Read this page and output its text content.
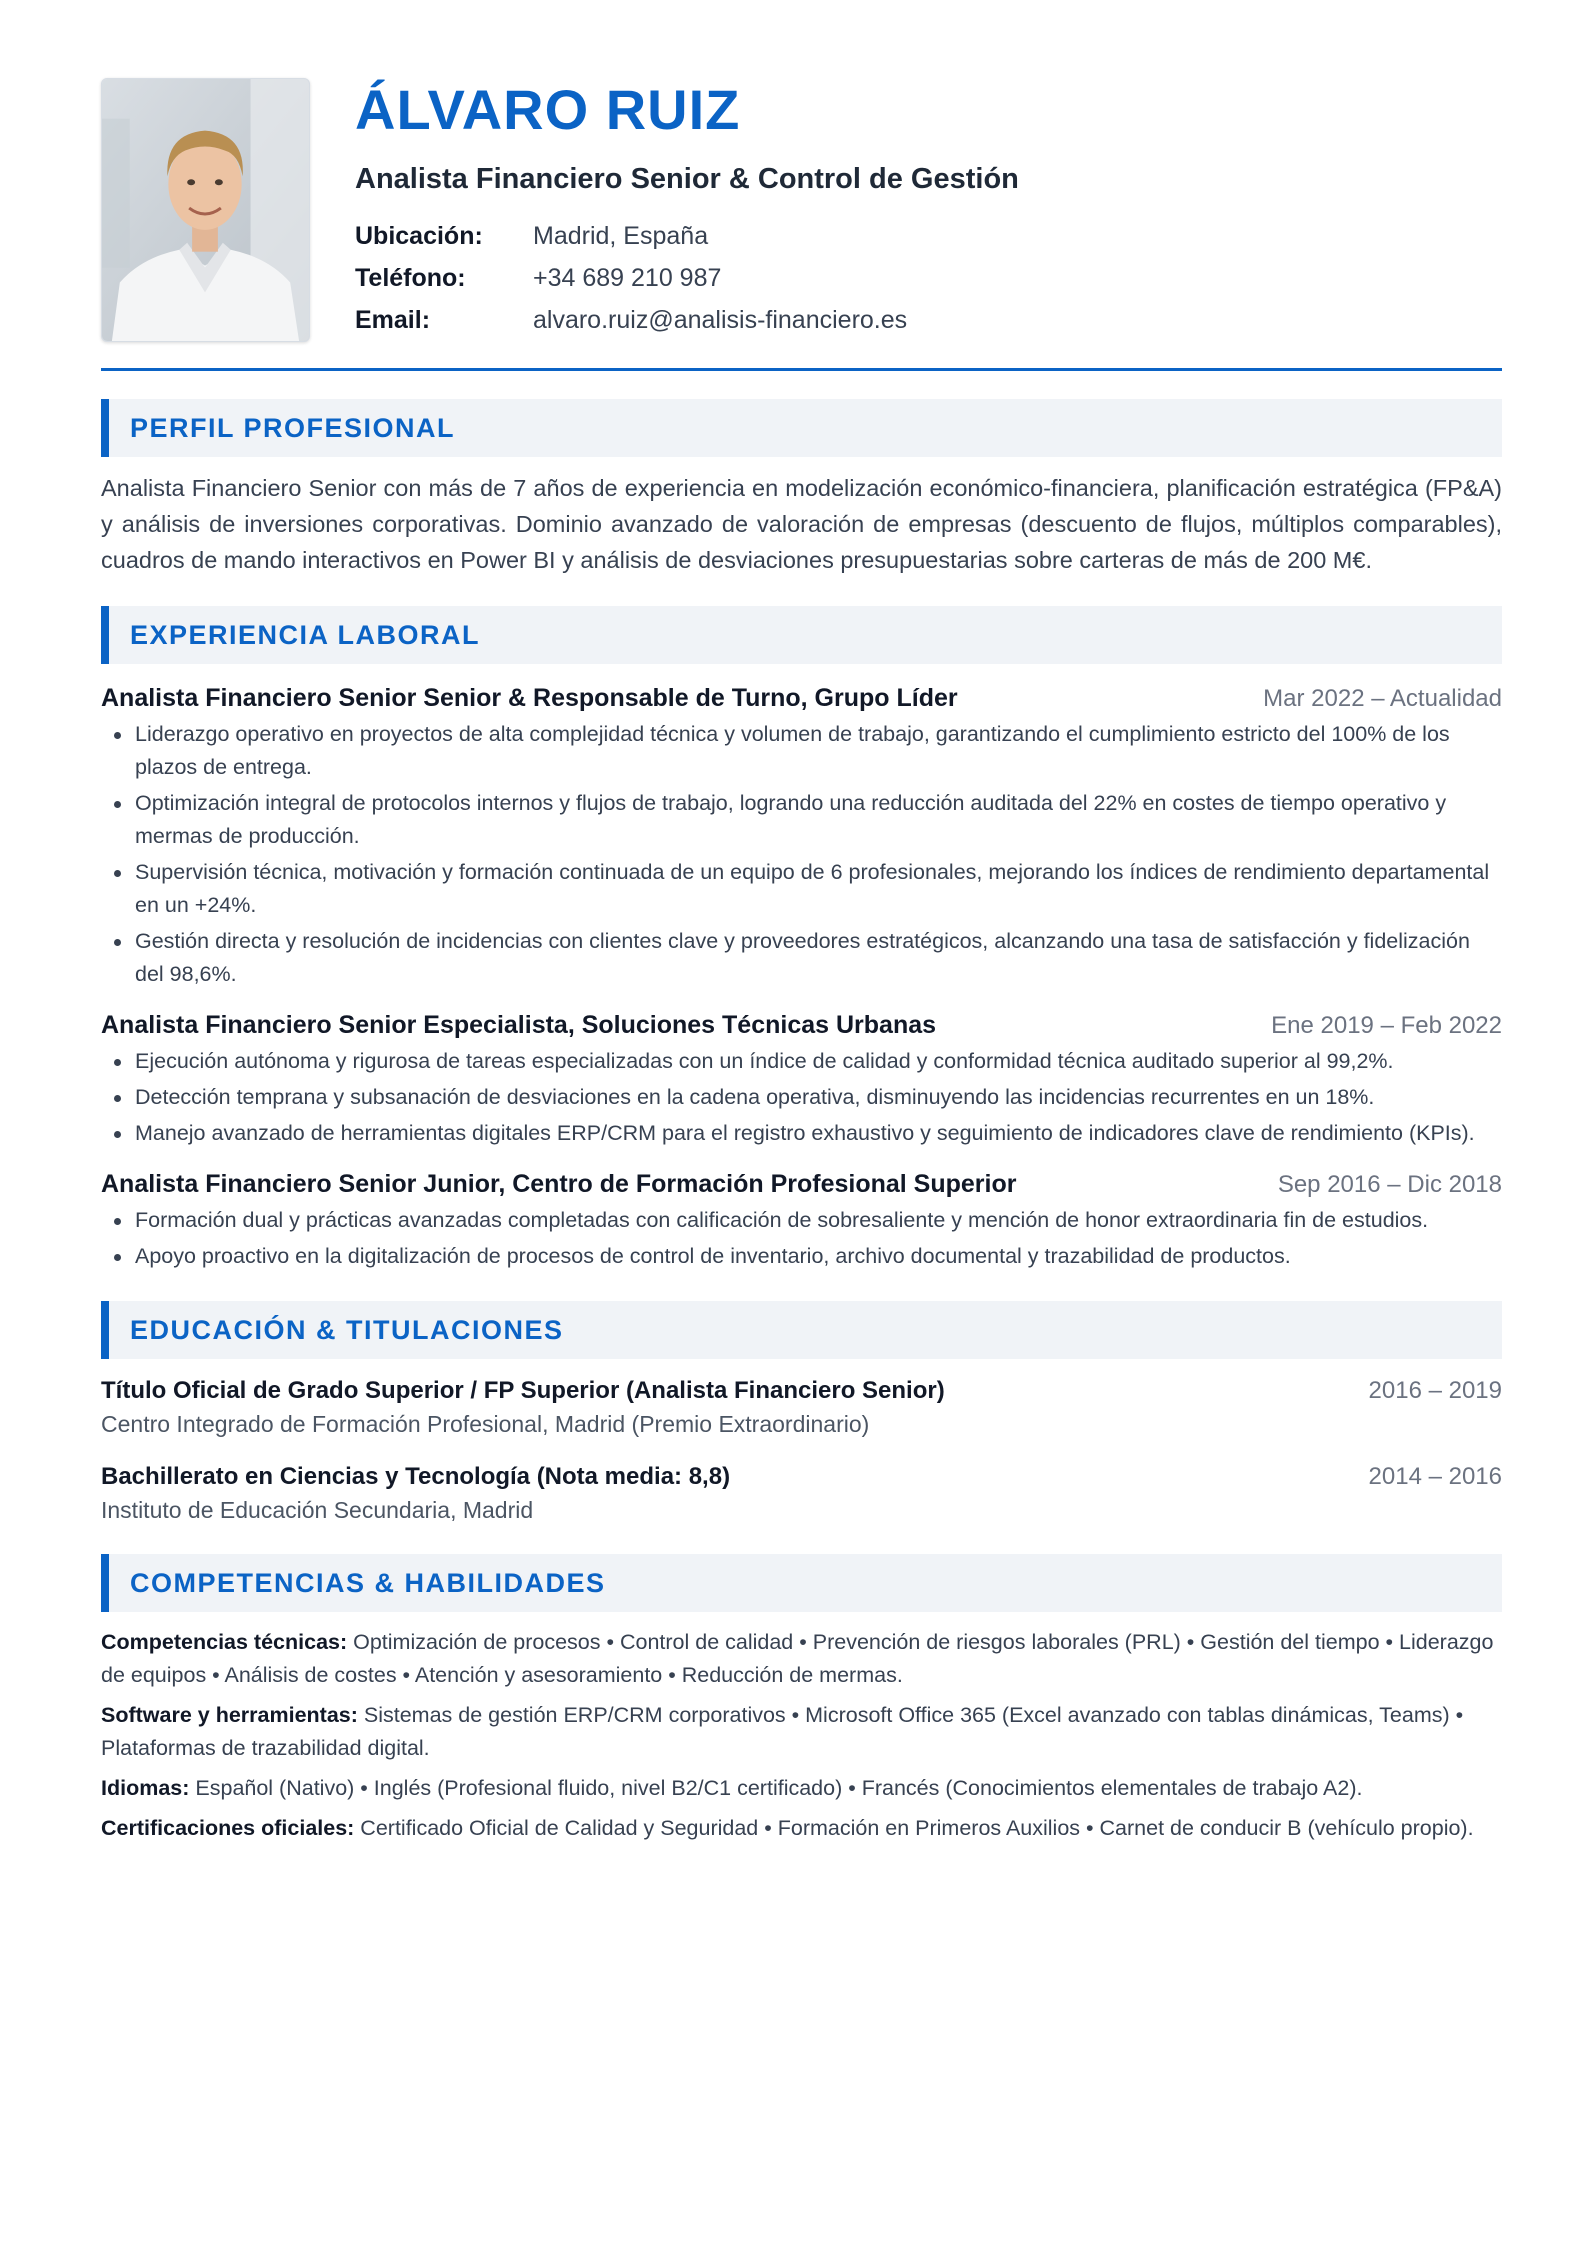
ÁLVARO RUIZ
Analista Financiero Senior & Control de Gestión
Ubicación:	Madrid, España
Teléfono:	+34 689 210 987
Email:	alvaro.ruiz@analisis-financiero.es
PERFIL PROFESIONAL

Analista Financiero Senior con más de 7 años de experiencia en modelización económico-financiera, planificación estratégica (FP&A) y análisis de inversiones corporativas. Dominio avanzado de valoración de empresas (descuento de flujos, múltiplos comparables), cuadros de mando interactivos en Power BI y análisis de desviaciones presupuestarias sobre carteras de más de 200 M€.

EXPERIENCIA LABORAL
Analista Financiero Senior Senior & Responsable de Turno, Grupo Líder	Mar 2022 – Actualidad
Liderazgo operativo en proyectos de alta complejidad técnica y volumen de trabajo, garantizando el cumplimiento estricto del 100% de los plazos de entrega.
Optimización integral de protocolos internos y flujos de trabajo, logrando una reducción auditada del 22% en costes de tiempo operativo y mermas de producción.
Supervisión técnica, motivación y formación continuada de un equipo de 6 profesionales, mejorando los índices de rendimiento departamental en un +24%.
Gestión directa y resolución de incidencias con clientes clave y proveedores estratégicos, alcanzando una tasa de satisfacción y fidelización del 98,6%.
Analista Financiero Senior Especialista, Soluciones Técnicas Urbanas	Ene 2019 – Feb 2022
Ejecución autónoma y rigurosa de tareas especializadas con un índice de calidad y conformidad técnica auditado superior al 99,2%.
Detección temprana y subsanación de desviaciones en la cadena operativa, disminuyendo las incidencias recurrentes en un 18%.
Manejo avanzado de herramientas digitales ERP/CRM para el registro exhaustivo y seguimiento de indicadores clave de rendimiento (KPIs).
Analista Financiero Senior Junior, Centro de Formación Profesional Superior	Sep 2016 – Dic 2018
Formación dual y prácticas avanzadas completadas con calificación de sobresaliente y mención de honor extraordinaria fin de estudios.
Apoyo proactivo en la digitalización de procesos de control de inventario, archivo documental y trazabilidad de productos.
EDUCACIÓN & TITULACIONES
Título Oficial de Grado Superior / FP Superior (Analista Financiero Senior)	2016 – 2019
Centro Integrado de Formación Profesional, Madrid (Premio Extraordinario)
Bachillerato en Ciencias y Tecnología (Nota media: 8,8)	2014 – 2016
Instituto de Educación Secundaria, Madrid
COMPETENCIAS & HABILIDADES
Competencias técnicas: Optimización de procesos • Control de calidad • Prevención de riesgos laborales (PRL) • Gestión del tiempo • Liderazgo de equipos • Análisis de costes • Atención y asesoramiento • Reducción de mermas.
Software y herramientas: Sistemas de gestión ERP/CRM corporativos • Microsoft Office 365 (Excel avanzado con tablas dinámicas, Teams) • Plataformas de trazabilidad digital.
Idiomas: Español (Nativo) • Inglés (Profesional fluido, nivel B2/C1 certificado) • Francés (Conocimientos elementales de trabajo A2).
Certificaciones oficiales: Certificado Oficial de Calidad y Seguridad • Formación en Primeros Auxilios • Carnet de conducir B (vehículo propio).
